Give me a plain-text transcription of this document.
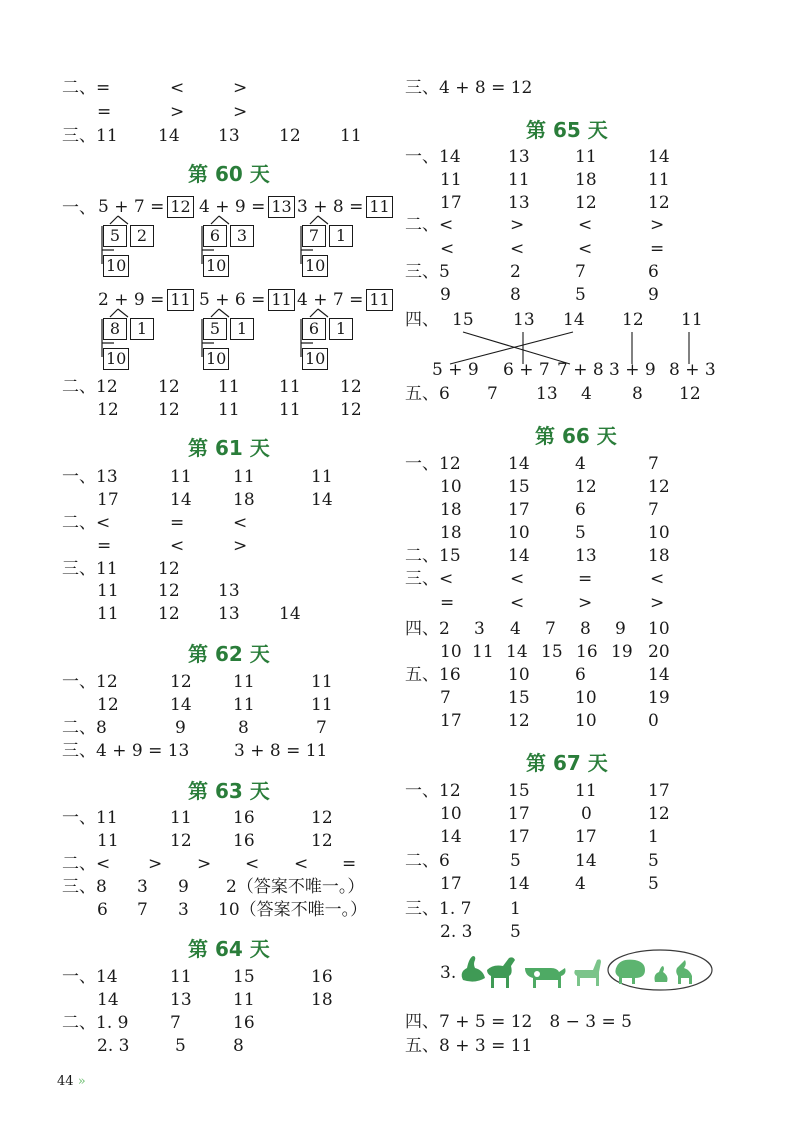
二、=	<	>
=	>	>
三、11 14 13 12 11
第 60 天
一、 5 + 7 = 12 4 + 9 = 13 3 + 8 = 11
5 2	6 3	7 1
10	10	10
2 + 9 = 11 5 + 6 = 11 4 + 7 = 11
8 1	5 1	6 1
10	10	10
二、12 12 11 11 12
12 12 11 11 12
第 61 天
一、13	11 11	11
17	14 18	14
二、<	=	<
=	<	>
三、11 12
11 12 13
11 12 13 14
第 62 天
一、12	12 11	11
12	14 11	11
二、8	9	8	7
三、4 + 9 = 13	3 + 8 = 11
第 63 天
一、11	11 16	12
11	12 16	12
二、< > > < < =
三、8 3 9 2（答案不唯一。）
6 7 3 10（答案不唯一。）
第 64 天
一、14	11 15	16
14	13 11	18
二、1. 9 7	16
2. 3	5	8
44 »
三、4 + 8 = 12
第 65 天
一、14	13	11	14
11	11	18	11
17	13	12	12
二、<	>	<	>
<	<	<	=
三、5	2	7	6
9	8	5	9
四、 15 13 14 12 11
5 + 9 6 + 7 7 + 8 3 + 9 8 + 3
五、6 7 13 4 8 12
第 66 天
一、12	14	4	7
10	15	12	12
18	17	6	7
18	10	5	10
二、15	14	13	18
三、<	<	=	<
=	<	>	>
四、2 3 4 7 8 9 10
10 11 14 15 16 19 20
五、16	10	6	14
7	15	10	19
17	12	10	0
第 67 天
一、12	15	11	17
10	17	0	12
14	17	17	1
二、6	5	14	5
17	14	4	5
三、1. 7 1
2. 3 5
3.
四、7 + 5 = 12　8 − 3 = 5
五、8 + 3 = 11
